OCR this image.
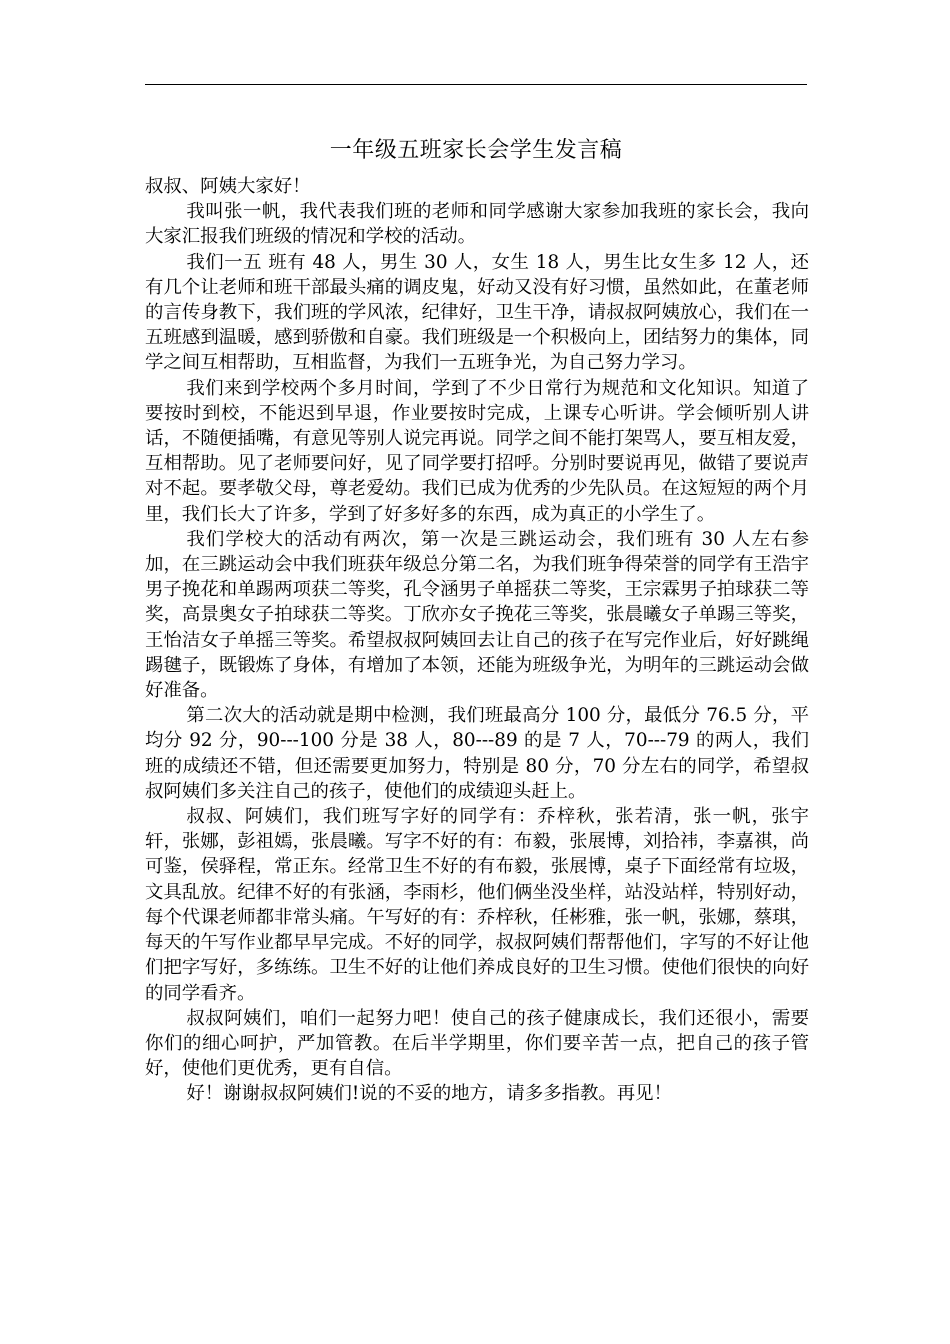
一年级五班家长会学生发言稿

叔叔、阿姨大家好！

我叫张一帆，我代表我们班的老师和同学感谢大家参加我班的家长会，我向大家汇报我们班级的情况和学校的活动。

我们一五 班有 48 人，男生 30 人，女生 18 人，男生比女生多 12 人，还有几个让老师和班干部最头痛的调皮鬼，好动又没有好习惯，虽然如此，在董老师的言传身教下，我们班的学风浓，纪律好，卫生干净，请叔叔阿姨放心，我们在一五班感到温暖，感到骄傲和自豪。我们班级是一个积极向上，团结努力的集体，同学之间互相帮助，互相监督，为我们一五班争光，为自己努力学习。

我们来到学校两个多月时间，学到了不少日常行为规范和文化知识。知道了要按时到校，不能迟到早退，作业要按时完成，上课专心听讲。学会倾听别人讲话，不随便插嘴，有意见等别人说完再说。同学之间不能打架骂人，要互相友爱，互相帮助。见了老师要问好，见了同学要打招呼。分别时要说再见，做错了要说声对不起。要孝敬父母，尊老爱幼。我们已成为优秀的少先队员。在这短短的两个月里，我们长大了许多，学到了好多好多的东西，成为真正的小学生了。

我们学校大的活动有两次，第一次是三跳运动会，我们班有 30 人左右参加，在三跳运动会中我们班获年级总分第二名，为我们班争得荣誉的同学有王浩宇男子挽花和单踢两项获二等奖，孔令涵男子单摇获二等奖，王宗霖男子拍球获二等奖，高景奥女子拍球获二等奖。丁欣亦女子挽花三等奖，张晨曦女子单踢三等奖，王怡洁女子单摇三等奖。希望叔叔阿姨回去让自己的孩子在写完作业后，好好跳绳踢毽子，既锻炼了身体，有增加了本领，还能为班级争光，为明年的三跳运动会做好准备。

第二次大的活动就是期中检测，我们班最高分 100 分，最低分 76.5 分，平均分 92 分，90---100 分是 38 人，80---89 的是 7 人，70---79 的两人，我们班的成绩还不错，但还需要更加努力，特别是 80 分，70 分左右的同学，希望叔叔阿姨们多关注自己的孩子，使他们的成绩迎头赶上。

叔叔、阿姨们，我们班写字好的同学有：乔梓秋，张若清，张一帆，张宇轩，张娜，彭祖嫣，张晨曦。写字不好的有：布毅，张展博，刘拾祎，李嘉祺，尚可鉴，侯驿程，常正东。经常卫生不好的有布毅，张展博，桌子下面经常有垃圾，文具乱放。纪律不好的有张涵，李雨杉，他们俩坐没坐样，站没站样，特别好动，每个代课老师都非常头痛。午写好的有：乔梓秋，任彬雅，张一帆，张娜，蔡琪，每天的午写作业都早早完成。不好的同学，叔叔阿姨们帮帮他们，字写的不好让他们把字写好，多练练。卫生不好的让他们养成良好的卫生习惯。使他们很快的向好的同学看齐。

叔叔阿姨们，咱们一起努力吧！使自己的孩子健康成长，我们还很小，需要你们的细心呵护，严加管教。在后半学期里，你们要辛苦一点，把自己的孩子管好，使他们更优秀，更有自信。

好！谢谢叔叔阿姨们!说的不妥的地方，请多多指教。再见！
